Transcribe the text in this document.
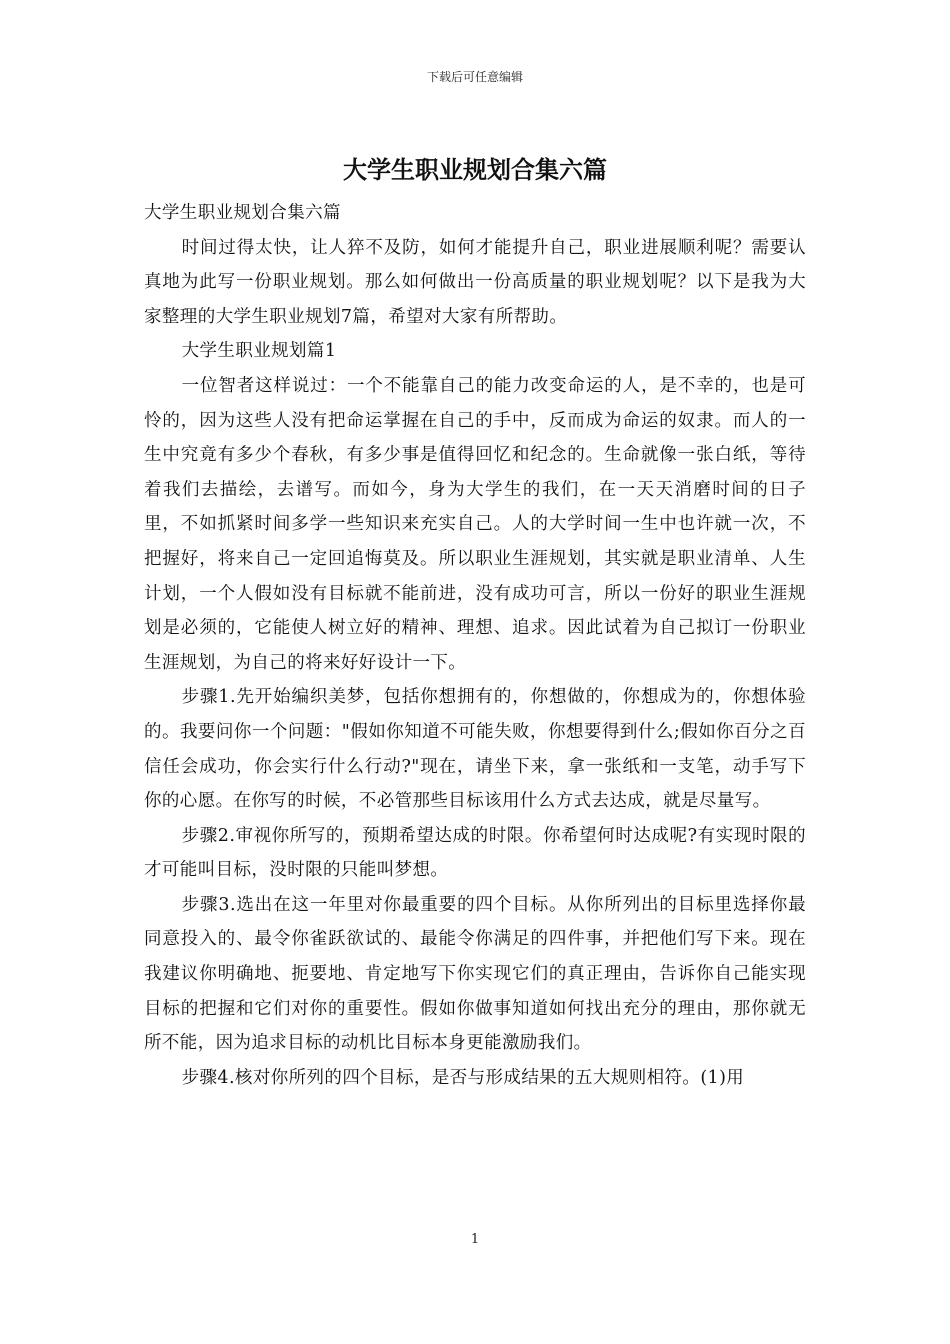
下载后可任意编辑
大学生职业规划合集六篇

大学生职业规划合集六篇

时间过得太快，让人猝不及防，如何才能提升自己，职业进展顺利呢？需要认真地为此写一份职业规划。那么如何做出一份高质量的职业规划呢？以下是我为大家整理的大学生职业规划7篇，希望对大家有所帮助。

大学生职业规划篇1

一位智者这样说过：一个不能靠自己的能力改变命运的人，是不幸的，也是可怜的，因为这些人没有把命运掌握在自己的手中，反而成为命运的奴隶。而人的一生中究竟有多少个春秋，有多少事是值得回忆和纪念的。生命就像一张白纸，等待着我们去描绘，去谱写。而如今，身为大学生的我们，在一天天消磨时间的日子里，不如抓紧时间多学一些知识来充实自己。人的大学时间一生中也许就一次，不把握好，将来自己一定回追悔莫及。所以职业生涯规划，其实就是职业清单、人生计划，一个人假如没有目标就不能前进，没有成功可言，所以一份好的职业生涯规划是必须的，它能使人树立好的精神、理想、追求。因此试着为自己拟订一份职业生涯规划，为自己的将来好好设计一下。

步骤1.先开始编织美梦，包括你想拥有的，你想做的，你想成为的，你想体验的。我要问你一个问题："假如你知道不可能失败，你想要得到什么;假如你百分之百信任会成功，你会实行什么行动?"现在，请坐下来，拿一张纸和一支笔，动手写下你的心愿。在你写的时候，不必管那些目标该用什么方式去达成，就是尽量写。

步骤2.审视你所写的，预期希望达成的时限。你希望何时达成呢?有实现时限的才可能叫目标，没时限的只能叫梦想。

步骤3.选出在这一年里对你最重要的四个目标。从你所列出的目标里选择你最同意投入的、最令你雀跃欲试的、最能令你满足的四件事，并把他们写下来。现在我建议你明确地、扼要地、肯定地写下你实现它们的真正理由，告诉你自己能实现目标的把握和它们对你的重要性。假如你做事知道如何找出充分的理由，那你就无所不能，因为追求目标的动机比目标本身更能激励我们。

步骤4.核对你所列的四个目标，是否与形成结果的五大规则相符。(1)用

1
